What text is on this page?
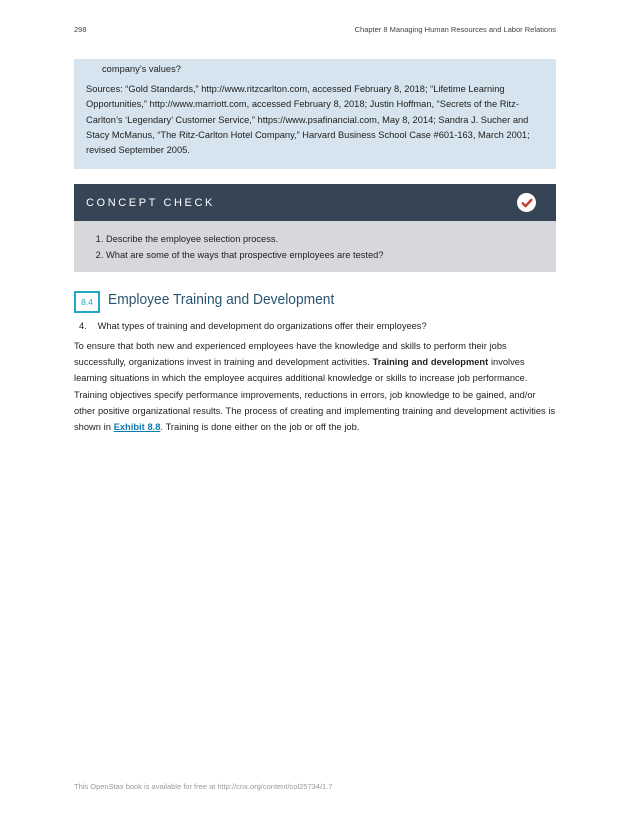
298	Chapter 8 Managing Human Resources and Labor Relations
company’s values?
Sources: “Gold Standards,” http://www.ritzcarlton.com, accessed February 8, 2018; “Lifetime Learning Opportunities,” http://www.marriott.com, accessed February 8, 2018; Justin Hoffman, “Secrets of the Ritz-Carlton’s ‘Legendary’ Customer Service,” https://www.psafinancial.com, May 8, 2014; Sandra J. Sucher and Stacy McManus, “The Ritz-Carlton Hotel Company,” Harvard Business School Case #601-163, March 2001; revised September 2005.
CONCEPT CHECK
1. Describe the employee selection process.
2. What are some of the ways that prospective employees are tested?
8.4	Employee Training and Development
4. What types of training and development do organizations offer their employees?

To ensure that both new and experienced employees have the knowledge and skills to perform their jobs successfully, organizations invest in training and development activities. Training and development involves learning situations in which the employee acquires additional knowledge or skills to increase job performance. Training objectives specify performance improvements, reductions in errors, job knowledge to be gained, and/or other positive organizational results. The process of creating and implementing training and development activities is shown in Exhibit 8.8. Training is done either on the job or off the job.

This OpenStax book is available for free at http://cnx.org/content/col25734/1.7
